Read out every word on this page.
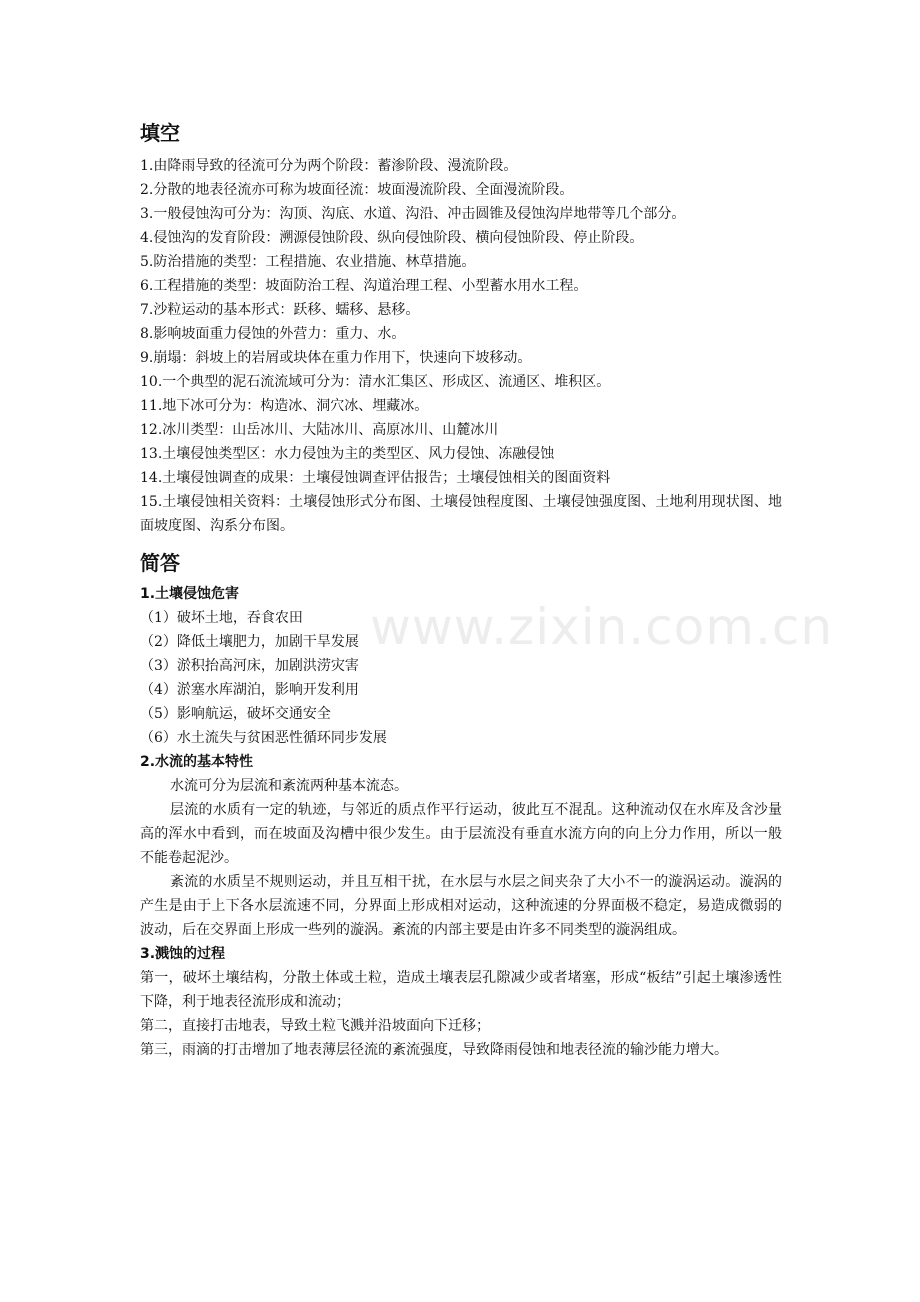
www.zixin.com.cn
填空
1.由降雨导致的径流可分为两个阶段：蓄渗阶段、漫流阶段。
2.分散的地表径流亦可称为坡面径流：坡面漫流阶段、全面漫流阶段。
3.一般侵蚀沟可分为：沟顶、沟底、水道、沟沿、冲击圆锥及侵蚀沟岸地带等几个部分。
4.侵蚀沟的发育阶段：溯源侵蚀阶段、纵向侵蚀阶段、横向侵蚀阶段、停止阶段。
5.防治措施的类型：工程措施、农业措施、林草措施。
6.工程措施的类型：坡面防治工程、沟道治理工程、小型蓄水用水工程。
7.沙粒运动的基本形式：跃移、蠕移、悬移。
8.影响坡面重力侵蚀的外营力：重力、水。
9.崩塌：斜坡上的岩屑或块体在重力作用下，快速向下坡移动。
10.一个典型的泥石流流域可分为：清水汇集区、形成区、流通区、堆积区。
11.地下冰可分为：构造冰、洞穴冰、埋藏冰。
12.冰川类型：山岳冰川、大陆冰川、高原冰川、山麓冰川
13.土壤侵蚀类型区：水力侵蚀为主的类型区、风力侵蚀、冻融侵蚀
14.土壤侵蚀调查的成果：土壤侵蚀调查评估报告；土壤侵蚀相关的图面资料
15.土壤侵蚀相关资料：土壤侵蚀形式分布图、土壤侵蚀程度图、土壤侵蚀强度图、土地利用现状图、地面坡度图、沟系分布图。
简答
1.土壤侵蚀危害
（1）破坏土地，吞食农田
（2）降低土壤肥力，加剧干旱发展
（3）淤积抬高河床，加剧洪涝灾害
（4）淤塞水库湖泊，影响开发利用
（5）影响航运，破坏交通安全
（6）水土流失与贫困恶性循环同步发展
2.水流的基本特性
水流可分为层流和紊流两种基本流态。
层流的水质有一定的轨迹，与邻近的质点作平行运动，彼此互不混乱。这种流动仅在水库及含沙量高的浑水中看到，而在坡面及沟槽中很少发生。由于层流没有垂直水流方向的向上分力作用，所以一般不能卷起泥沙。
紊流的水质呈不规则运动，并且互相干扰，在水层与水层之间夹杂了大小不一的漩涡运动。漩涡的产生是由于上下各水层流速不同，分界面上形成相对运动，这种流速的分界面极不稳定，易造成微弱的波动，后在交界面上形成一些列的漩涡。紊流的内部主要是由许多不同类型的漩涡组成。
3.溅蚀的过程
第一，破坏土壤结构，分散土体或土粒，造成土壤表层孔隙减少或者堵塞，形成“板结”引起土壤渗透性下降，利于地表径流形成和流动；
第二，直接打击地表，导致土粒飞溅并沿坡面向下迁移；
第三，雨滴的打击增加了地表薄层径流的紊流强度，导致降雨侵蚀和地表径流的输沙能力增大。
